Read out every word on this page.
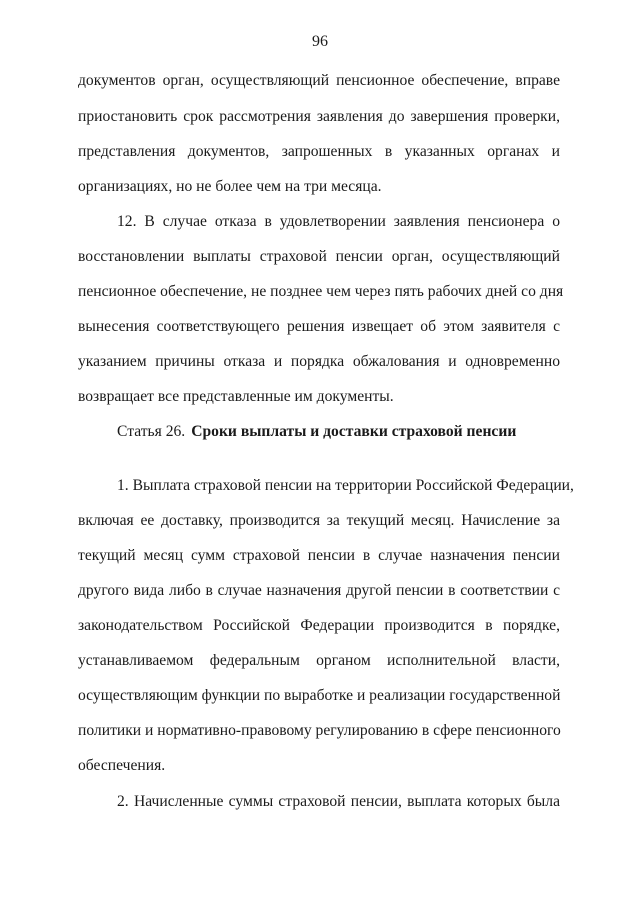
96
документов орган, осуществляющий пенсионное обеспечение, вправе
приостановить срок рассмотрения заявления до завершения проверки,
представления документов, запрошенных в указанных органах и
организациях, но не более чем на три месяца.
12. В случае отказа в удовлетворении заявления пенсионера о
восстановлении выплаты страховой пенсии орган, осуществляющий
пенсионное обеспечение, не позднее чем через пять рабочих дней со дня
вынесения соответствующего решения извещает об этом заявителя с
указанием причины отказа и порядка обжалования и одновременно
возвращает все представленные им документы.
Статья 26. Сроки выплаты и доставки страховой пенсии
1. Выплата страховой пенсии на территории Российской Федерации,
включая ее доставку, производится за текущий месяц. Начисление за
текущий месяц сумм страховой пенсии в случае назначения пенсии
другого вида либо в случае назначения другой пенсии в соответствии с
законодательством Российской Федерации производится в порядке,
устанавливаемом федеральным органом исполнительной власти,
осуществляющим функции по выработке и реализации государственной
политики и нормативно-правовому регулированию в сфере пенсионного
обеспечения.
2. Начисленные суммы страховой пенсии, выплата которых была
